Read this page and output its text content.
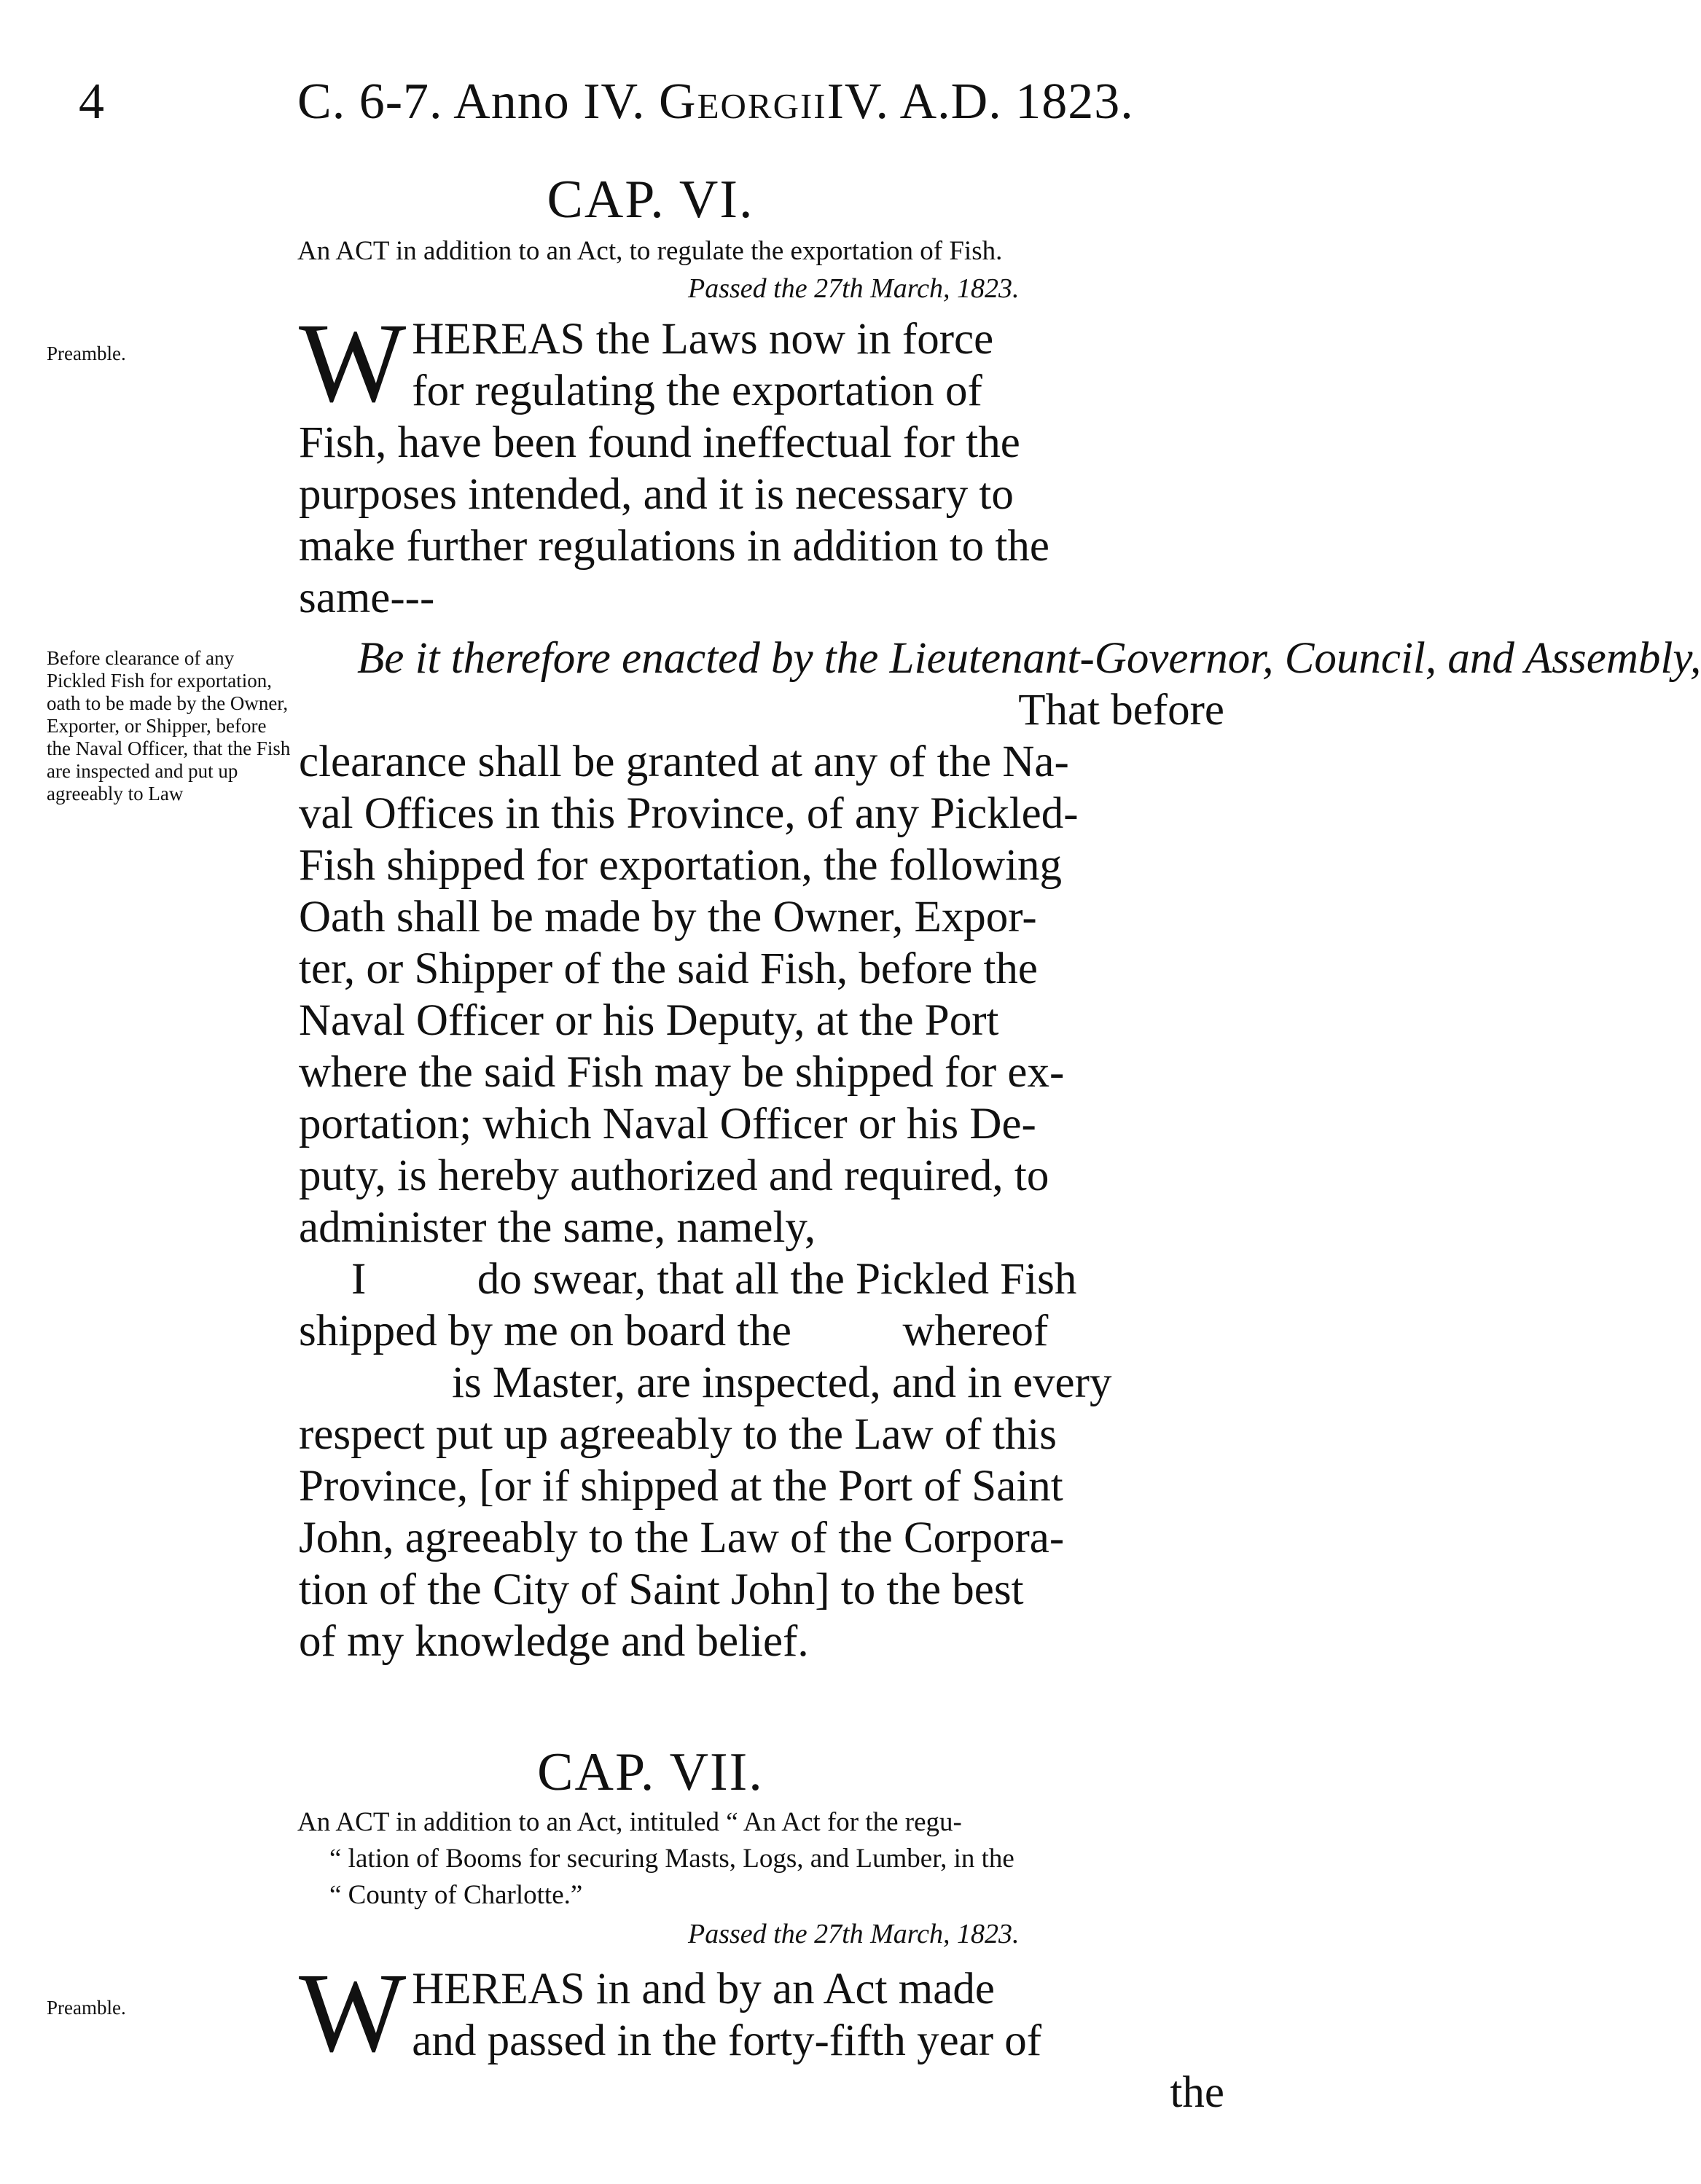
4	C. 6-7. Anno IV. GeorgiiIV. A.D. 1823.
CAP. VI.
An ACT in addition to an Act, to regulate the exportation of Fish.
Passed the 27th March, 1823.
Preamble.	W HEREAS the Laws now in force
for regulating the exportation of
Fish, have been found ineffectual for the
purposes intended, and it is necessary to
make further regulations in addition to the
same---
Before clearance of any Pickled Fish for exportation, oath to be made by the Owner, Exporter, or Shipper, before the Naval Officer, that the Fish are inspected and put up agreeably to Law
Be it therefore enacted by the Lieutenant-Governor, Council, and Assembly,
That before
clearance shall be granted at any of the Na-
val Offices in this Province, of any Pickled-
Fish shipped for exportation, the following
Oath shall be made by the Owner, Expor-
ter, or Shipper of the said Fish, before the
Naval Officer or his Deputy, at the Port
where the said Fish may be shipped for ex-
portation; which Naval Officer or his De-
puty, is hereby authorized and required, to
administer the same, namely,
I          do swear, that all the Pickled Fish
shipped by me on board the          whereof
is Master, are inspected, and in every
respect put up agreeably to the Law of this
Province, [or if shipped at the Port of Saint
John, agreeably to the Law of the Corpora-
tion of the City of Saint John] to the best
of my knowledge and belief.
CAP. VII.
An ACT in addition to an Act, intituled “ An Act for the regu-
“ lation of Booms for securing Masts, Logs, and Lumber, in the
“ County of Charlotte.”
Passed the 27th March, 1823.
Preamble.	W HEREAS in and by an Act made
and passed in the forty-fifth year of
the
